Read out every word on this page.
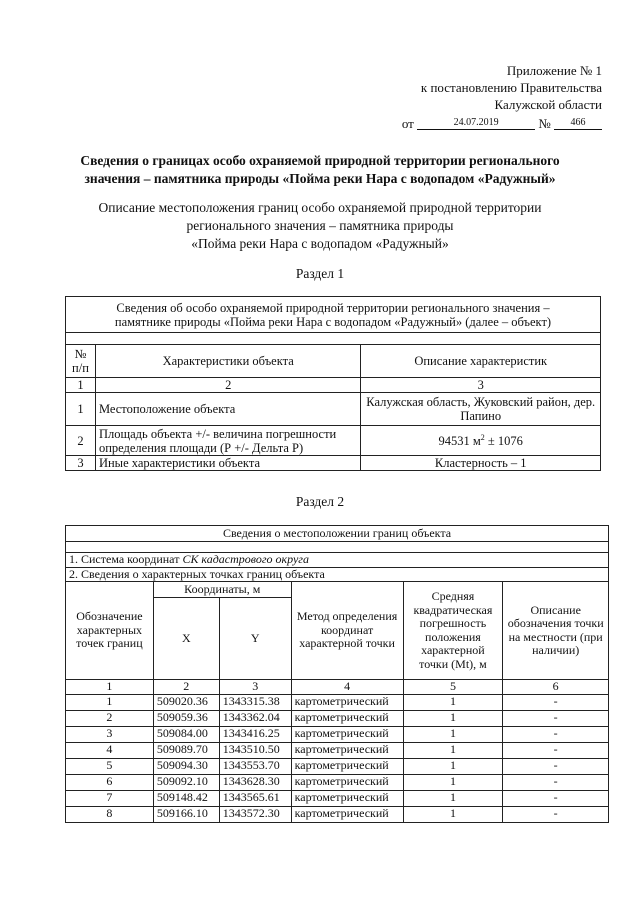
Приложение № 1
к постановлению Правительства
Калужской области
от	24.07.2019	№ 466
Сведения о границах особо охраняемой природной территории регионального
значения – памятника природы «Пойма реки Нара с водопадом «Радужный»
Описание местоположения границ особо охраняемой природной территории
регионального значения – памятника природы
«Пойма реки Нара с водопадом «Радужный»
Раздел 1
Сведения об особо охраняемой природной территории регионального значения –
памятнике природы «Пойма реки Нара с водопадом «Радужный» (далее – объект)		

№ п/п	Характеристики объекта	Описание характеристик
1	2	3
1	Местоположение объекта	Калужская область, Жуковский район, дер. Папино
2	Площадь объекта +/- величина погрешности определения площади (Р +/- Дельта Р)	94531 $м^2 \pm 1076$
3	Иные характеристики объекта	Кластерность – 1
Раздел 2
Сведения о местоположении границ объекта					

1. Система координат СК кадастрового округа					
2. Сведения о характерных точках границ объекта					
Обозначение характерных точек границ	Координаты, м		Метод определения координат характерной точки	Средняя квадратическая погрешность положения характерной точки (Mt), м	Описание обозначения точки на местности (при наличии)
	X	Y			
1	2	3	4	5	6
1	509020.36	1343315.38	картометрический	1	-
2	509059.36	1343362.04	картометрический	1	-
3	509084.00	1343416.25	картометрический	1	-
4	509089.70	1343510.50	картометрический	1	-
5	509094.30	1343553.70	картометрический	1	-
6	509092.10	1343628.30	картометрический	1	-
7	509148.42	1343565.61	картометрический	1	-
8	509166.10	1343572.30	картометрический	1	-
